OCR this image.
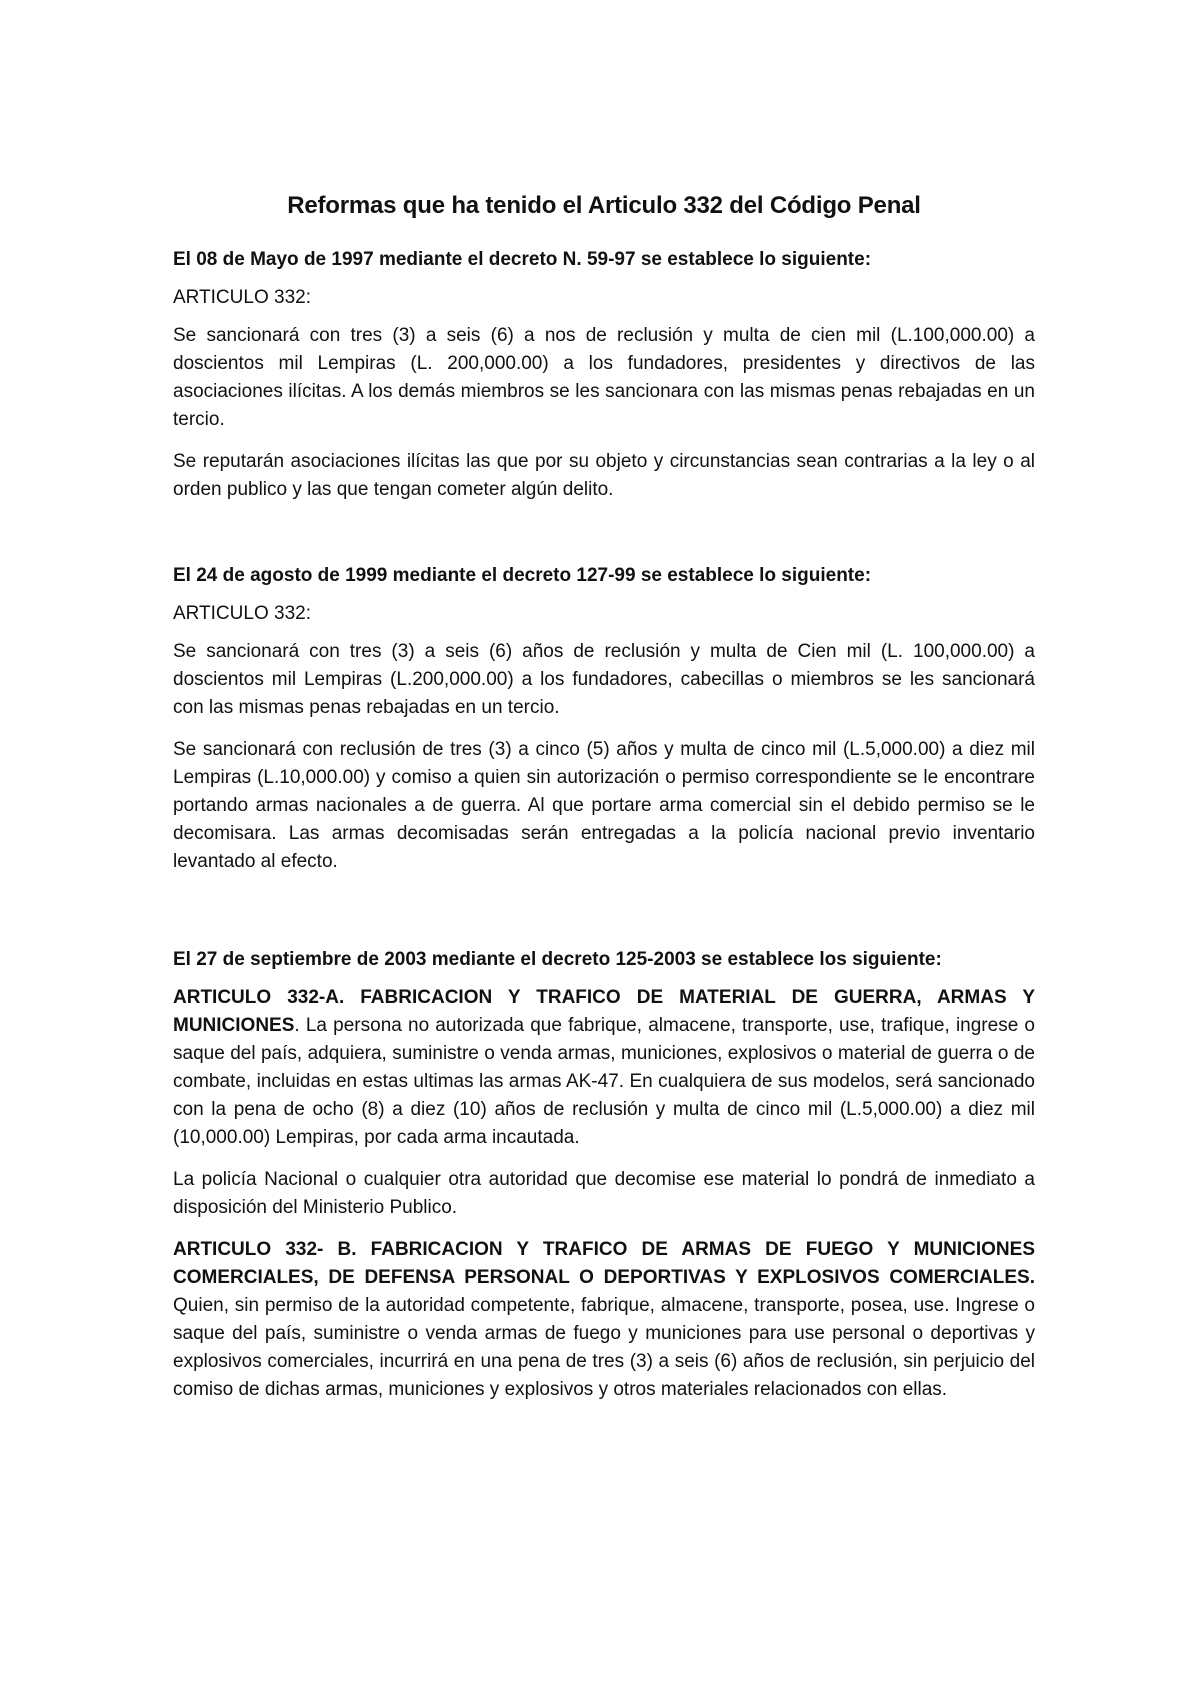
Reformas que ha tenido el Articulo 332 del Código Penal

El 08 de Mayo de 1997 mediante el decreto N. 59-97 se establece lo siguiente:

ARTICULO 332:

Se sancionará con tres (3) a seis (6) a nos de reclusión y multa de cien mil (L.100,000.00) a doscientos mil Lempiras (L. 200,000.00) a los fundadores, presidentes y directivos de las asociaciones ilícitas. A los demás miembros se les sancionara con las mismas penas rebajadas en un tercio.

Se reputarán asociaciones ilícitas las que por su objeto y circunstancias sean contrarias a la ley o al orden publico y las que tengan cometer algún delito.

El 24 de agosto de 1999 mediante el decreto 127-99 se establece lo siguiente:

ARTICULO 332:

Se sancionará con tres (3) a seis (6) años de reclusión y multa de Cien mil (L. 100,000.00) a doscientos mil Lempiras (L.200,000.00) a los fundadores, cabecillas o miembros se les sancionará con las mismas penas rebajadas en un tercio.

Se sancionará con reclusión de tres (3) a cinco (5) años y multa de cinco mil (L.5,000.00) a diez mil Lempiras (L.10,000.00) y comiso a quien sin autorización o permiso correspondiente se le encontrare portando armas nacionales a de guerra. Al que portare arma comercial sin el debido permiso se le decomisara. Las armas decomisadas serán entregadas a la policía nacional previo inventario levantado al efecto.

El 27 de septiembre de 2003 mediante el decreto 125-2003 se establece los siguiente:

ARTICULO 332-A. FABRICACION Y TRAFICO DE MATERIAL DE GUERRA, ARMAS Y MUNICIONES. La persona no autorizada que fabrique, almacene, transporte, use, trafique, ingrese o saque del país, adquiera, suministre o venda armas, municiones, explosivos o material de guerra o de combate, incluidas en estas ultimas las armas AK-47. En cualquiera de sus modelos, será sancionado con la pena de ocho (8) a diez (10) años de reclusión y multa de cinco mil (L.5,000.00) a diez mil (10,000.00) Lempiras, por cada arma incautada.

La policía Nacional o cualquier otra autoridad que decomise ese material lo pondrá de inmediato a disposición del Ministerio Publico.

ARTICULO 332- B. FABRICACION Y TRAFICO DE ARMAS DE FUEGO Y MUNICIONES COMERCIALES, DE DEFENSA PERSONAL O DEPORTIVAS Y EXPLOSIVOS COMERCIALES. Quien, sin permiso de la autoridad competente, fabrique, almacene, transporte, posea, use. Ingrese o saque del país, suministre o venda armas de fuego y municiones para use personal o deportivas y explosivos comerciales, incurrirá en una pena de tres (3) a seis (6) años de reclusión, sin perjuicio del comiso de dichas armas, municiones y explosivos y otros materiales relacionados con ellas.
